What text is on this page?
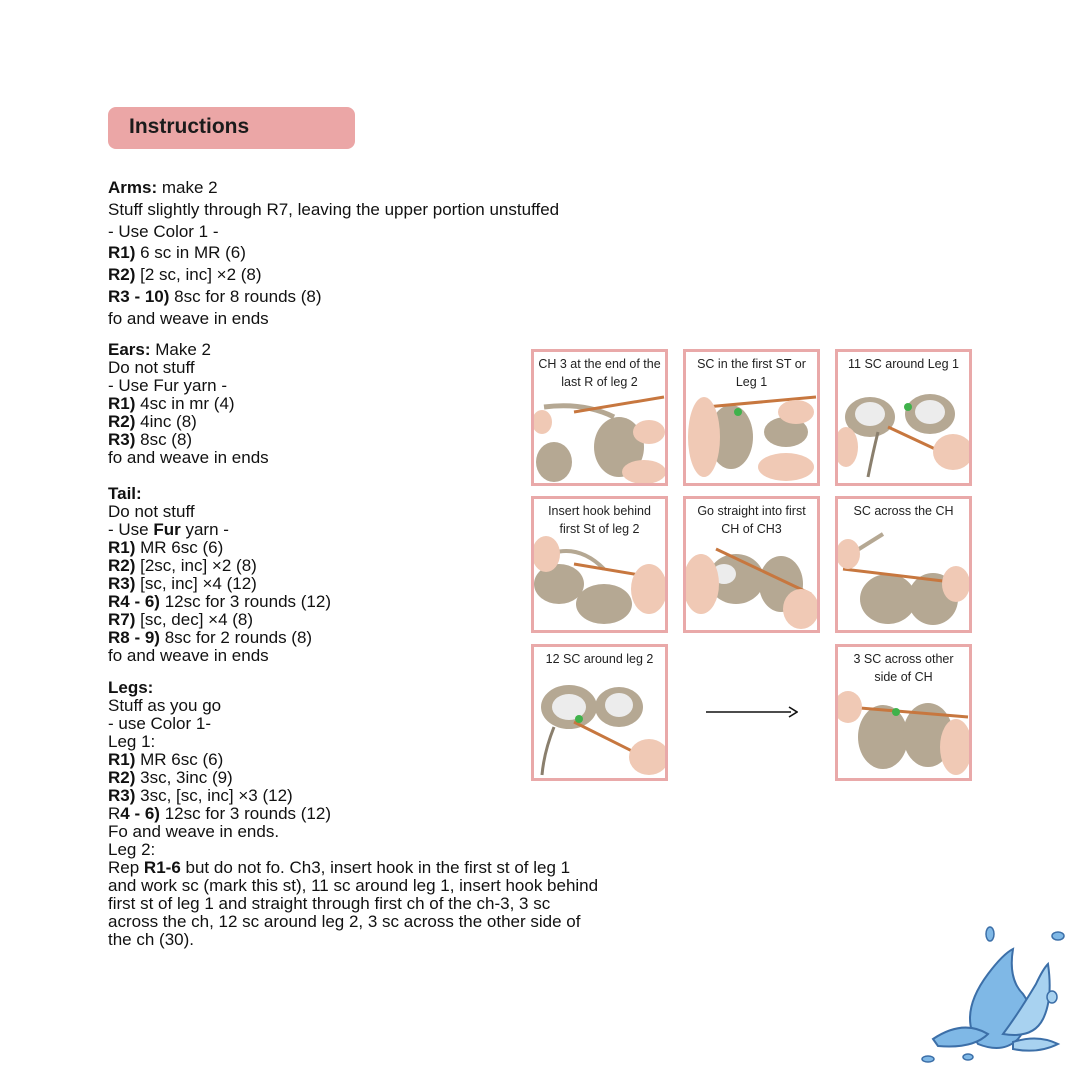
Instructions
Arms: make 2
Stuff slightly through R7, leaving the upper portion unstuffed
- Use Color 1 -
R1) 6 sc in MR (6)
R2) [2 sc, inc] ×2 (8)
R3 - 10) 8sc for 8 rounds (8)
fo and weave in ends
Ears: Make 2
Do not stuff
- Use Fur yarn -
R1) 4sc in mr (4)
R2) 4inc (8)
R3) 8sc (8)
fo and weave in ends
Tail:
Do not stuff
- Use Fur yarn -
R1) MR 6sc (6)
R2) [2sc, inc] ×2 (8)
R3) [sc, inc] ×4 (12)
R4 - 6) 12sc for 3 rounds (12)
R7) [sc, dec] ×4 (8)
R8 - 9) 8sc for 2 rounds (8)
fo and weave in ends
Legs:
Stuff as you go
- use Color 1-
Leg 1:
R1) MR 6sc (6)
R2) 3sc, 3inc (9)
R3) 3sc, [sc, inc] ×3 (12)
R4 - 6) 12sc for 3 rounds (12)
Fo and weave in ends.
Leg 2:
Rep R1-6 but do not fo. Ch3, insert hook in the first st of leg 1 and work sc (mark this st), 11 sc around leg 1, insert hook behind first st of leg 1 and straight through first ch of the ch-3, 3 sc across the ch, 12 sc around leg 2, 3 sc across the other side of the ch (30).
CH 3 at the end of the last R of leg 2
SC in the first ST or Leg 1
11 SC around Leg 1
Insert hook behind first St of leg 2
Go straight into first CH of CH3
SC across the CH
12 SC around leg 2	3 SC across other side of CH
